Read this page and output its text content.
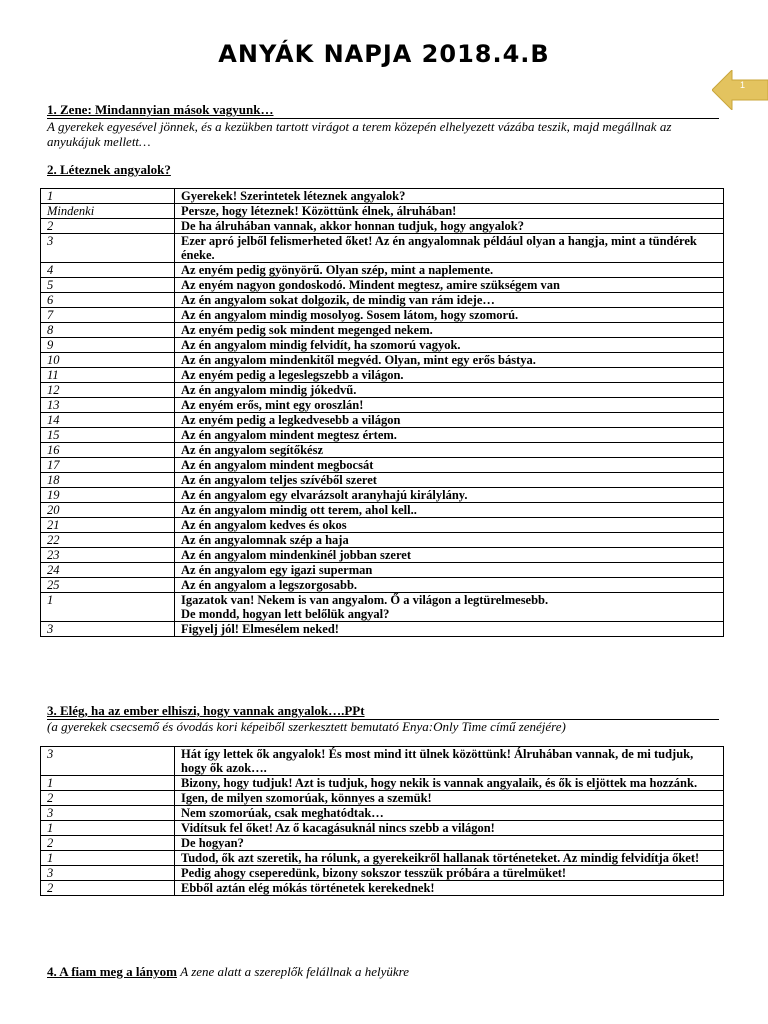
ANYÁK NAPJA 2018.4.B
1
1. Zene: Mindannyian mások vagyunk…
A gyerekek egyesével jönnek, és a kezükben tartott virágot a terem közepén elhelyezett vázába teszik, majd megállnak az anyukájuk mellett…
2. Léteznek angyalok?
1	Gyerekek! Szerintetek léteznek angyalok?
Mindenki	Persze, hogy léteznek! Közöttünk élnek, álruhában!
2	De ha álruhában vannak, akkor honnan tudjuk, hogy angyalok?
3	Ezer apró jelből felismerheted őket! Az én angyalomnak például olyan a hangja, mint a tündérek éneke.
4	Az enyém pedig gyönyörű. Olyan szép, mint a naplemente.
5	Az enyém nagyon gondoskodó. Mindent megtesz, amire szükségem van
6	Az én angyalom sokat dolgozik, de mindig van rám ideje…
7	Az én angyalom mindig mosolyog. Sosem látom, hogy szomorú.
8	Az enyém pedig sok mindent megenged nekem.
9	Az én angyalom mindig felvidít, ha szomorú vagyok.
10	Az én angyalom mindenkitől megvéd. Olyan, mint egy erős bástya.
11	Az enyém pedig a legeslegszebb a világon.
12	Az én angyalom mindig jókedvű.
13	Az enyém erős, mint egy oroszlán!
14	Az enyém pedig a legkedvesebb a világon
15	Az én angyalom mindent megtesz értem.
16	Az én angyalom segítőkész
17	Az én angyalom mindent megbocsát
18	Az én angyalom teljes szívéből szeret
19	Az én angyalom egy elvarázsolt aranyhajú királylány.
20	Az én angyalom mindig ott terem, ahol kell..
21	Az én angyalom kedves és okos
22	Az én angyalomnak szép a haja
23	Az én angyalom mindenkinél jobban szeret
24	Az én angyalom egy igazi superman
25	Az én angyalom a legszorgosabb.
1	Igazatok van! Nekem is van angyalom. Ő a világon a legtürelmesebb.
De mondd, hogyan lett belőlük angyal?

3	Figyelj jól! Elmesélem neked!
3. Elég, ha az ember elhiszi, hogy vannak angyalok….PPt
(a gyerekek csecsemő és óvodás kori képeiből szerkesztett bemutató Enya:Only Time című zenéjére)
3	Hát így lettek ők angyalok! És most mind itt ülnek közöttünk! Álruhában vannak, de mi tudjuk, hogy ők azok….
1	Bizony, hogy tudjuk! Azt is tudjuk, hogy nekik is vannak angyalaik, és ők is eljöttek ma hozzánk.
2	Igen, de milyen szomorúak, könnyes a szemük!
3	Nem szomorúak, csak meghatódtak…
1	Vidítsuk fel őket! Az ő kacagásuknál nincs szebb a világon!
2	De hogyan?
1	Tudod, ők azt szeretik, ha rólunk, a gyerekeikről hallanak történeteket. Az mindig felvidítja őket!
3	Pedig ahogy cseperedünk, bizony sokszor tesszük próbára a türelmüket!
2	Ebből aztán elég mókás történetek kerekednek!
4. A fiam meg a lányom A zene alatt a szereplők felállnak a helyükre
